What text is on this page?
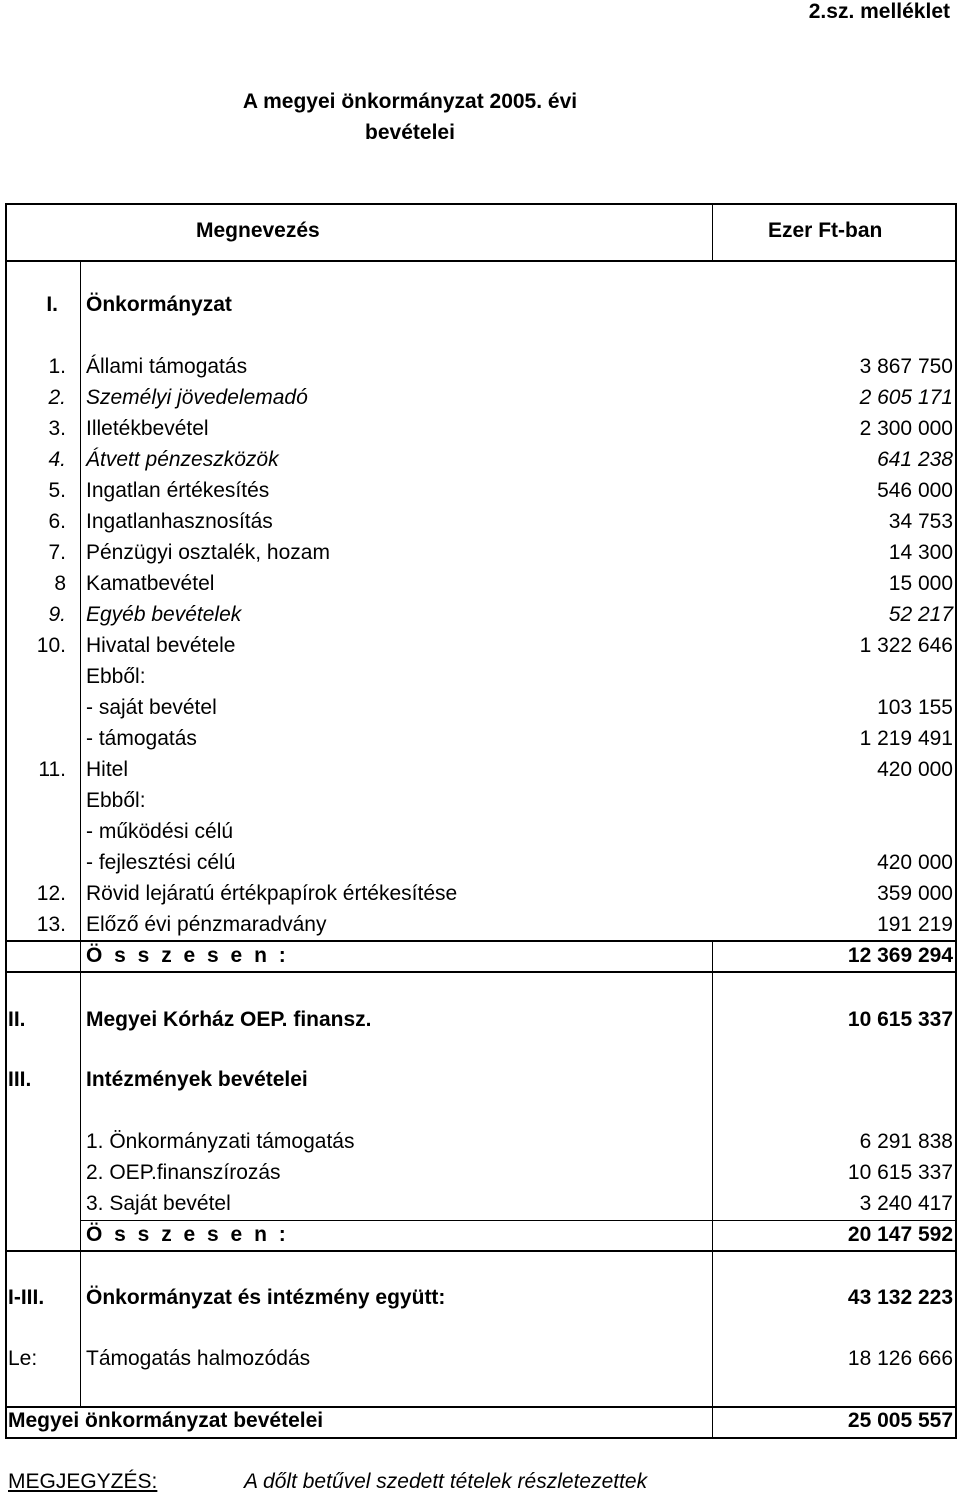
2.sz. melléklet
A megyei önkormányzat 2005. évi
bevételei
Megnevezés	Ezer Ft-ban
I. Önkormányzat
1. Állami támogatás	3 867 750
2. Személyi jövedelemadó	2 605 171
3. Illetékbevétel	2 300 000
4. Átvett pénzeszközök	641 238
5. Ingatlan értékesítés	546 000
6. Ingatlanhasznosítás	34 753
7. Pénzügyi osztalék, hozam	14 300
8 Kamatbevétel	15 000
9. Egyéb bevételek	52 217
10. Hivatal bevétele	1 322 646
Ebből:
- saját bevétel	103 155
- támogatás	1 219 491
11. Hitel	420 000
Ebből:
- működési célú
- fejlesztési célú	420 000
12. Rövid lejáratú értékpapírok értékesítése	359 000
13. Előző évi pénzmaradvány	191 219
Ö s s z e s e n :	12 369 294
II.	Megyei Kórház OEP. finansz.	10 615 337
III.	Intézmények bevételei
1. Önkormányzati támogatás	6 291 838
2. OEP.finanszírozás	10 615 337
3. Saját bevétel	3 240 417
Ö s s z e s e n :	20 147 592
I-III. Önkormányzat és intézmény együtt:	43 132 223
Le: Támogatás halmozódás	18 126 666
Megyei önkormányzat bevételei	25 005 557
MEGJEGYZÉS:	A dőlt betűvel szedett tételek részletezettek
